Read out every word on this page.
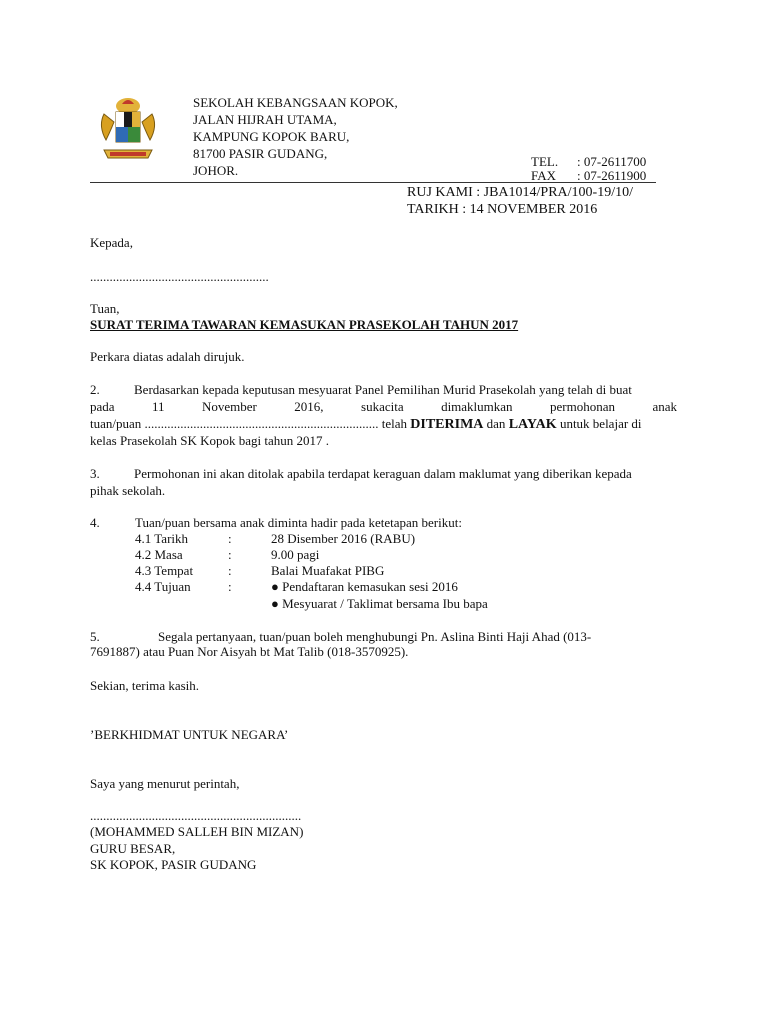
SEKOLAH KEBANGSAAN KOPOK,
JALAN HIJRAH UTAMA,
KAMPUNG KOPOK BARU,
81700 PASIR GUDANG,
JOHOR.
TEL. : 07-2611700
FAX : 07-2611900
RUJ KAMI : JBA1014/PRA/100-19/10/
TARIKH : 14 NOVEMBER 2016
Kepada,
.......................................................
Tuan,
SURAT TERIMA TAWARAN KEMASUKAN PRASEKOLAH TAHUN 2017
Perkara diatas adalah dirujuk.
2.	Berdasarkan kepada keputusan mesyuarat Panel Pemilihan Murid Prasekolah yang telah di buat
pada 11 November 2016, sukacita dimaklumkan permohonan anak
tuan/puan ........................................................................ telah DITERIMA dan LAYAK untuk belajar di
kelas Prasekolah SK Kopok bagi tahun 2017 .
3.	Permohonan ini akan ditolak apabila terdapat keraguan dalam maklumat yang diberikan kepada
pihak sekolah.
4.	Tuan/puan bersama anak diminta hadir pada ketetapan berikut:
4.1 Tarikh	:	28 Disember 2016 (RABU)
4.2 Masa	:	9.00 pagi
4.3 Tempat	:	Balai Muafakat PIBG
4.4 Tujuan	:	● Pendaftaran kemasukan sesi 2016
● Mesyuarat / Taklimat bersama Ibu bapa
5.	Segala pertanyaan, tuan/puan boleh menghubungi Pn. Aslina Binti Haji Ahad (013-
7691887) atau Puan Nor Aisyah bt Mat Talib (018-3570925).
Sekian, terima kasih.
’BERKHIDMAT UNTUK NEGARA’
Saya yang menurut perintah,
.................................................................
(MOHAMMED SALLEH BIN MIZAN)
GURU BESAR,
SK KOPOK, PASIR GUDANG
